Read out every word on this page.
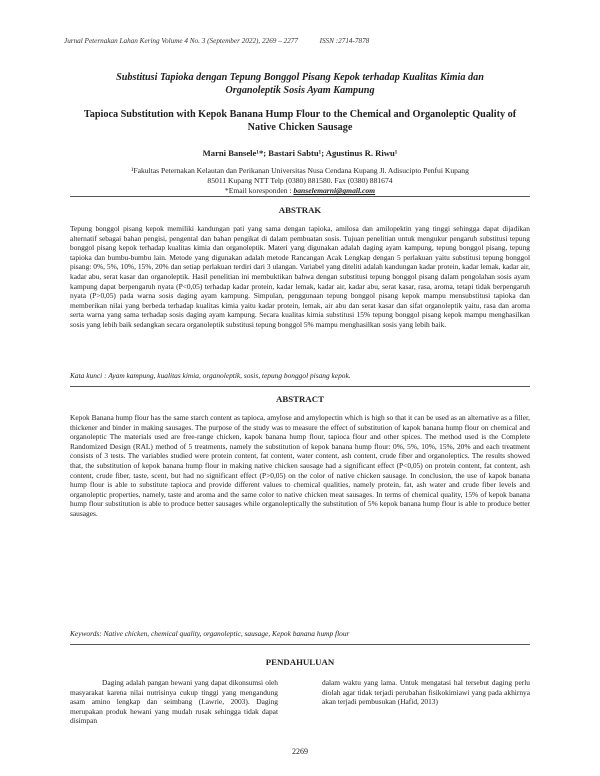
Jurnal Peternakan Lahan Kering Volume 4 No. 3 (September 2022), 2269 – 2277	ISSN :2714-7878
Substitusi Tapioka dengan Tepung Bonggol Pisang Kepok terhadap Kualitas Kimia dan
Organoleptik Sosis Ayam Kampung
Tapioca Substitution with Kepok Banana Hump Flour to the Chemical and Organoleptic Quality of
Native Chicken Sausage
Marni Bansele¹*; Bastari Sabtu¹; Agustinus R. Riwu¹
¹Fakultas Peternakan Kelautan dan Perikanan Universitas Nusa Cendana Kupang Jl. Adisucipto Penfui Kupang
85011 Kupang NTT Telp (0380) 881580. Fax (0380) 881674
*Email koresponden : banselemarni@gmail.com
ABSTRAK
Tepung bonggol pisang kepok memiliki kandungan pati yang sama dengan tapioka, amilosa dan amilopektin yang tinggi sehingga dapat dijadikan alternatif sebagai bahan pengisi, pengental dan bahan pengikat di dalam pembuatan sosis. Tujuan penelitian untuk mengukur pengaruh substitusi tepung bonggol pisang kepok terhadap kualitas kimia dan organoleptik. Materi yang digunakan adalah daging ayam kampung, tepung bonggol pisang, tepung tapioka dan bumbu-bumbu lain. Metode yang digunakan adalah metode Rancangan Acak Lengkap dengan 5 perlakuan yaitu substitusi tepung bonggol pisang: 0%, 5%, 10%, 15%, 20% dan setiap perlakuan terdiri dari 3 ulangan. Variabel yang diteliti adalah kandungan kadar protein, kadar lemak, kadar air, kadar abu, serat kasar dan organoleptik. Hasil penelitian ini membuktikan bahwa dengan substitusi tepung bonggol pisang dalam pengolahan sosis ayam kampung dapat berpengaruh nyata (P<0,05) terhadap kadar protein, kadar lemak, kadar air, kadar abu, serat kasar, rasa, aroma, tetapi tidak berpengaruh nyata (P>0,05) pada warna sosis daging ayam kampung. Simpulan, penggunaan tepung bonggol pisang kepok mampu mensubstitusi tapioka dan memberikan nilai yang berbeda terhadap kualitas kimia yaitu kadar protein, lemak, air abu dan serat kasar dan sifat organoleptik yaitu, rasa dan aroma serta warna yang sama terhadap sosis daging ayam kampung. Secara kualitas kimia substitusi 15% tepung bonggol pisang kepok mampu menghasilkan sosis yang lebih baik sedangkan secara organoleptik substitusi tepung bonggol 5% mampu menghasilkan sosis yang lebih baik.
Kata kunci : Ayam kampung, kualitas kimia, organoleptik, sosis, tepung bonggol pisang kepok.
ABSTRACT
Kepok Banana hump flour has the same starch content as tapioca, amylose and amylopectin which is high so that it can be used as an alternative as a filler, thickener and binder in making sausages. The purpose of the study was to measure the effect of substitution of kapok banana hump flour on chemical and organoleptic The materials used are free-range chicken, kapok banana hump flour, tapioca flour and other spices. The method used is the Complete Randomized Design (RAL) method of 5 treatments, namely the substitution of kepok banana hump flour: 0%, 5%, 10%, 15%, 20% and each treatment consists of 3 tests. The variables studied were protein content, fat content, water content, ash content, crude fiber and organoleptics. The results showed that, the substitution of kepok banana hump flour in making native chicken sausage had a significant effect (P<0,05) on protein content, fat content, ash content, crude fiber, taste, scent, but had no significant effect (P>0,05) on the color of native chicken sausage. In conclusion, the use of kapok banana hump flour is able to substitute tapioca and provide different values to chemical qualities, namely protein, fat, ash water and crude fiber levels and organoleptic properties, namely, taste and aroma and the same color to native chicken meat sausages. In terms of chemical quality, 15% of kepok banana hump flour substitution is able to produce better sausages while organoleptically the substitution of 5% kepok banana hump flour is able to produce better sausages.
Keywords: Native chicken, chemical quality, organoleptic, sausage, Kepok banana hump flour
PENDAHULUAN
Daging adalah pangan hewani yang dapat dikonsumsi oleh masyarakat karena nilai nutrisinya cukup tinggi yang mengandung asam amino lengkap dan seimbang (Lawrie, 2003). Daging merupakan produk hewani yang mudah rusak sehingga tidak dapat disimpan
dalam waktu yang lama. Untuk mengatasi hal tersebut daging perlu diolah agar tidak terjadi perubahan fisikokimiawi yang pada akhirnya akan terjadi pembusukan (Hafid, 2013)
2269
